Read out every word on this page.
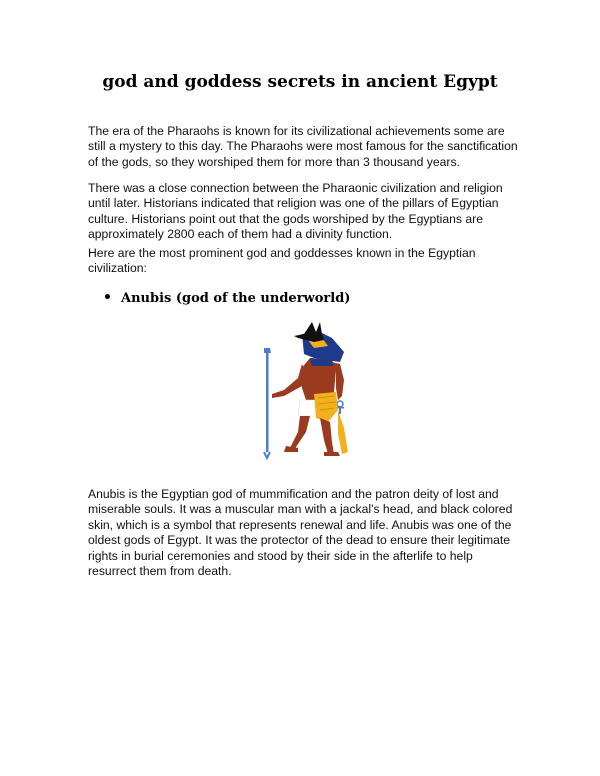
god and goddess secrets in ancient Egypt

The era of the Pharaohs is known for its civilizational achievements some are still a mystery to this day. The Pharaohs were most famous for the sanctification of the gods, so they worshiped them for more than 3 thousand years.

There was a close connection between the Pharaonic civilization and religion until later. Historians indicated that religion was one of the pillars of Egyptian culture. Historians point out that the gods worshiped by the Egyptians are approximately 2800 each of them had a divinity function.

Here are the most prominent god and goddesses known in the Egyptian civilization:

Anubis (god of the underworld)

Anubis is the Egyptian god of mummification and the patron deity of lost and miserable souls. It was a muscular man with a jackal's head, and black colored skin, which is a symbol that represents renewal and life. Anubis was one of the oldest gods of Egypt. It was the protector of the dead to ensure their legitimate rights in burial ceremonies and stood by their side in the afterlife to help resurrect them from death.
